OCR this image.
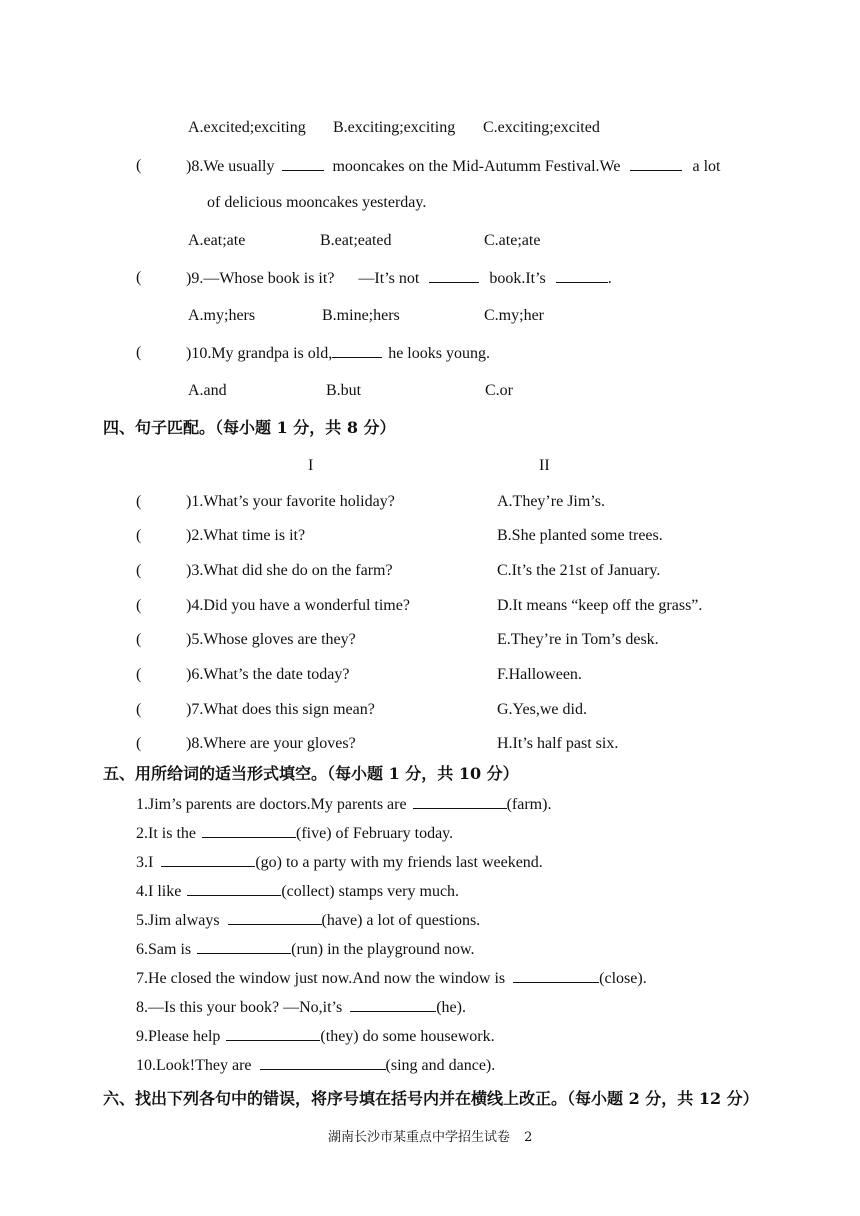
A.excited;exciting B.exciting;exciting C.exciting;excited
(	)8.We usually	mooncakes on the Mid-Autumm Festival.We	a lot
of delicious mooncakes yesterday.
A.eat;ate	B.eat;eated	C.ate;ate
(	)9.—Whose book is it? —It’s not	book.It’s	.
A.my;hers	B.mine;hers	C.my;her
(	)10.My grandpa is old,	he looks young.
A.and	B.but	C.or
四、句子匹配。（每小题 1 分，共 8 分）
I	II
(	)1.What’s your favorite holiday?	A.They’re Jim’s.
(	)2.What time is it?	B.She planted some trees.
(	)3.What did she do on the farm?	C.It’s the 21st of January.
(	)4.Did you have a wonderful time?	D.It means “keep off the grass”.
(	)5.Whose gloves are they?	E.They’re in Tom’s desk.
(	)6.What’s the date today?	F.Halloween.
(	)7.What does this sign mean?	G.Yes,we did.
(	)8.Where are your gloves?	H.It’s half past six.
五、用所给词的适当形式填空。（每小题 1 分，共 10 分）
1.Jim’s parents are doctors.My parents are	(farm).
2.It is the	(five) of February today.
3.I	(go) to a party with my friends last weekend.
4.I like	(collect) stamps very much.
5.Jim always	(have) a lot of questions.
6.Sam is	(run) in the playground now.
7.He closed the window just now.And now the window is	(close).
8.—Is this your book? —No,it’s	(he).
9.Please help	(they) do some housework.
10.Look!They are	(sing and dance).
六、找出下列各句中的错误，将序号填在括号内并在横线上改正。（每小题 2 分，共 12 分）
湖南长沙市某重点中学招生试卷 2
